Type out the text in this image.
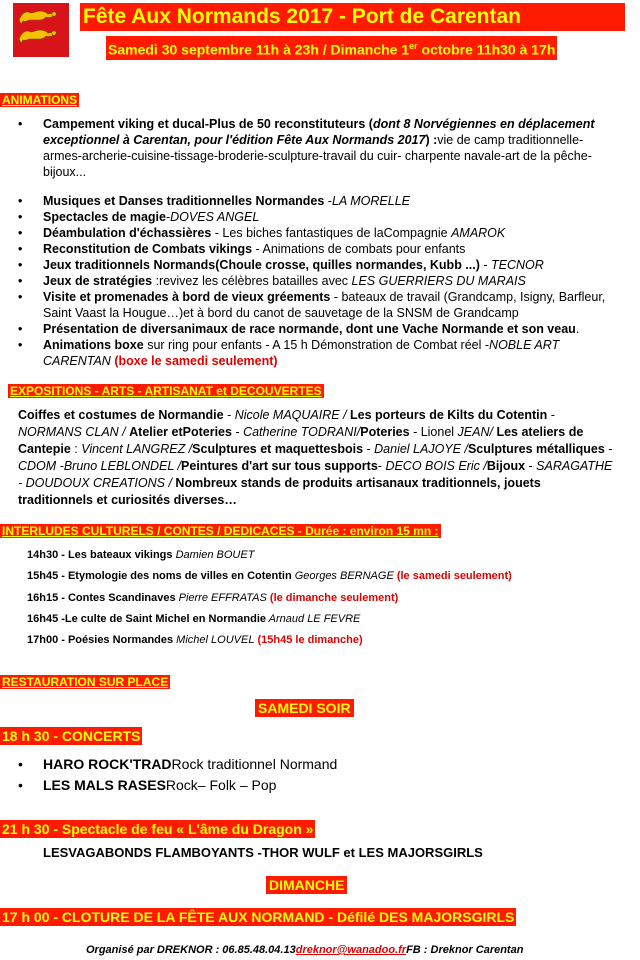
Fête Aux Normands 2017 - Port de Carentan
Samedi 30 septembre 11h à 23h / Dimanche 1er octobre 11h30 à 17h
ANIMATIONS
• Campement viking et ducal-Plus de 50 reconstituteurs (dont 8 Norvégiennes en déplacement exceptionnel à Carentan, pour l'édition Fête Aux Normands 2017) :vie de camp traditionnelle-armes-archerie-cuisine-tissage-broderie-sculpture-travail du cuir- charpente navale-art de la pêche-bijoux...
• Musiques et Danses traditionnelles Normandes -LA MORELLE
• Spectacles de magie-DOVES ANGEL
• Déambulation d'échassières - Les biches fantastiques de laCompagnie AMAROK
• Reconstitution de Combats vikings - Animations de combats pour enfants
• Jeux traditionnels Normands(Choule crosse, quilles normandes, Kubb ...) - TECNOR
• Jeux de stratégies :revivez les célèbres batailles avec LES GUERRIERS DU MARAIS
• Visite et promenades à bord de vieux gréements - bateaux de travail (Grandcamp, Isigny, Barfleur, Saint Vaast la Hougue…)et à bord du canot de sauvetage de la SNSM de Grandcamp
• Présentation de diversanimaux de race normande, dont une Vache Normande et son veau.
• Animations boxe sur ring pour enfants - A 15 h Démonstration de Combat réel -NOBLE ART CARENTAN (boxe le samedi seulement)
EXPOSITIONS - ARTS - ARTISANAT et DECOUVERTES
Coiffes et costumes de Normandie - Nicole MAQUAIRE / Les porteurs de Kilts du Cotentin - NORMANS CLAN / Atelier etPoteries - Catherine TODRANI/Poteries - Lionel JEAN/ Les ateliers de Cantepie : Vincent LANGREZ /Sculptures et maquettesbois - Daniel LAJOYE /Sculptures métalliques -CDOM -Bruno LEBLONDEL /Peintures d'art sur tous supports- DECO BOIS Eric /Bijoux - SARAGATHE - DOUDOUX CREATIONS / Nombreux stands de produits artisanaux traditionnels, jouets traditionnels et curiosités diverses…
INTERLUDES CULTURELS / CONTES / DEDICACES - Durée : environ 15 mn :
14h30 - Les bateaux vikings Damien BOUET
15h45 - Etymologie des noms de villes en Cotentin Georges BERNAGE (le samedi seulement)
16h15 - Contes Scandinaves Pierre EFFRATAS (le dimanche seulement)
16h45 -Le culte de Saint Michel en Normandie Arnaud LE FEVRE
17h00 - Poésies Normandes Michel LOUVEL (15h45 le dimanche)
RESTAURATION SUR PLACE
SAMEDI SOIR
18 h 30 - CONCERTS
• HARO ROCK'TRADRock traditionnel Normand
• LES MALS RASESRock– Folk – Pop
21 h 30 - Spectacle de feu « L'âme du Dragon »
LESVAGABONDS FLAMBOYANTS -THOR WULF et LES MAJORSGIRLS
DIMANCHE
17 h 00 - CLOTURE DE LA FÊTE AUX NORMAND - Défilé DES MAJORSGIRLS
Organisé par DREKNOR : 06.85.48.04.13dreknor@wanadoo.frFB : Dreknor Carentan
